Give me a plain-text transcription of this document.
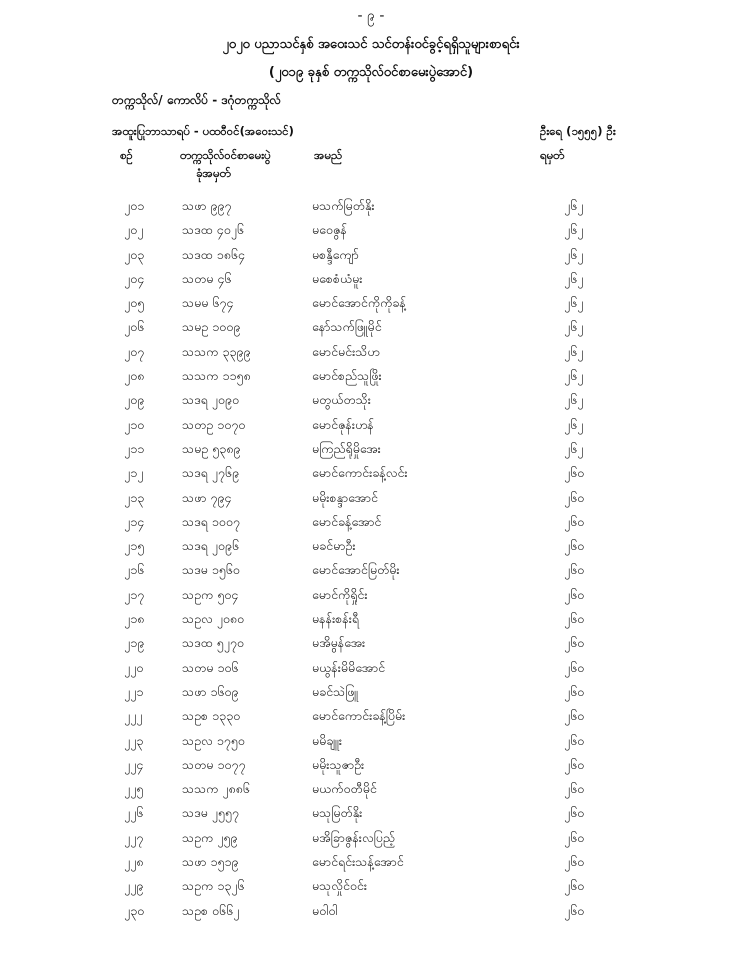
- ၉ -
၂၀၂၀ ပညာသင်နှစ် အဝေးသင် သင်တန်းဝင်ခွင့်ရရှိသူများစာရင်း
(၂၀၁၉ ခုနှစ် တက္ကသိုလ်ဝင်စာမေးပွဲအောင်)
တက္ကသိုလ်/ ကောလိပ် - ဒဂုံတက္ကသိုလ်
အထူးပြုဘာသာရပ် - ပထဝီဝင်(အဝေးသင်)	ဦးရေ (၁၅၅၅) ဦး
စဉ်	တက္ကသိုလ်ဝင်စာမေးပွဲ
ခုံအမှတ်
အမည်	ရမှတ်
၂၀၁	သဖာ ၉၉၇	မသက်မြတ်နိုး	၂၆၂
၂၀၂	သဒထ ၄၀၂၆	မဝေဇွန်	၂၆၂
၂၀၃	သဒထ ၁၈၆၄	မစန္ဒီကျော်	၂၆၂
၂၀၄	သတမ ၄၆	မစေစံယံမူး	၂၆၂
၂၀၅	သမမ ၆၇၄	မောင်အောင်ကိုကိုခန့်	၂၆၂
၂၀၆	သမဥ ၁၀၀၉	နော်သက်ဖြူမိုင်	၂၆၂
၂၀၇	သသက ၃၃၉၉	မောင်မင်းသိဟ	၂၆၂
၂၀၈	သသက ၁၁၅၈	မောင်စည်သူဖြိုး	၂၆၂
၂၀၉	သဒရ ၂၀၉၀	မတွယ်တသိုး	၂၆၂
၂၁၀	သတဥ ၁၀၇၀	မောင်ဇုန်းဟန်	၂၆၂
၂၁၁	သမဥ ၅၃၈၉	မကြည်ရိုမှိုအေး	၂၆၂
၂၁၂	သဒရ ၂၇၆၉	မောင်ကောင်းခန့်လင်း	၂၆၀
၂၁၃	သဖာ ၇၉၄	မမိုးစန္ဒာအောင်	၂၆၀
၂၁၄	သဒရ ၁၀၀၇	မောင်ခန့်အောင်	၂၆၀
၂၁၅	သဒရ ၂၀၉၆	မခင်မာဦး	၂၆၀
၂၁၆	သဒမ ၁၅၆၀	မောင်အောင်မြတ်မိုး	၂၆၀
၂၁၇	သဥက ၅၀၄	မောင်ကိုရှိုင်း	၂၆၀
၂၁၈	သဥလ ၂၀၈၀	မနန်းစန်းရီ	၂၆၀
၂၁၉	သဒထ ၅၂၇၀	မအိမွန်အေး	၂၆၀
၂၂၀	သတမ ၁၀၆	မယွန်းမိမိအောင်	၂၆၀
၂၂၁	သဖာ ၁၆၀၉	မခင်သဲဖြူ	၂၆၀
၂၂၂	သဥစ ၁၃၃၀	မောင်ကောင်းခန့်ပြိမ်း	၂၆၀
၂၂၃	သဥလ ၁၇၅၀	မမိချူး	၂၆၀
၂၂၄	သတမ ၁၀၇၇	မမိုးသူဇာဦး	၂၆၀
၂၂၅	သသက ၂၈၈၆	မယက်ဝတီမိုင်	၂၆၀
၂၂၆	သဒမ ၂၅၅၇	မသုမြတ်နိုး	၂၆၀
၂၂၇	သဥက ၂၅၉	မအိခြာဇွန်းလပြည့်	၂၆၀
၂၂၈	သဖာ ၁၅၁၉	မောင်ရင်းသန့်အောင်	၂၆၀
၂၂၉	သဥက ၁၃၂၆	မသုလှိုင်ဝင်း	၂၆၀
၂၃၀	သဥစ ၀၆၆၂	မဝါဝါ	၂၆၀
